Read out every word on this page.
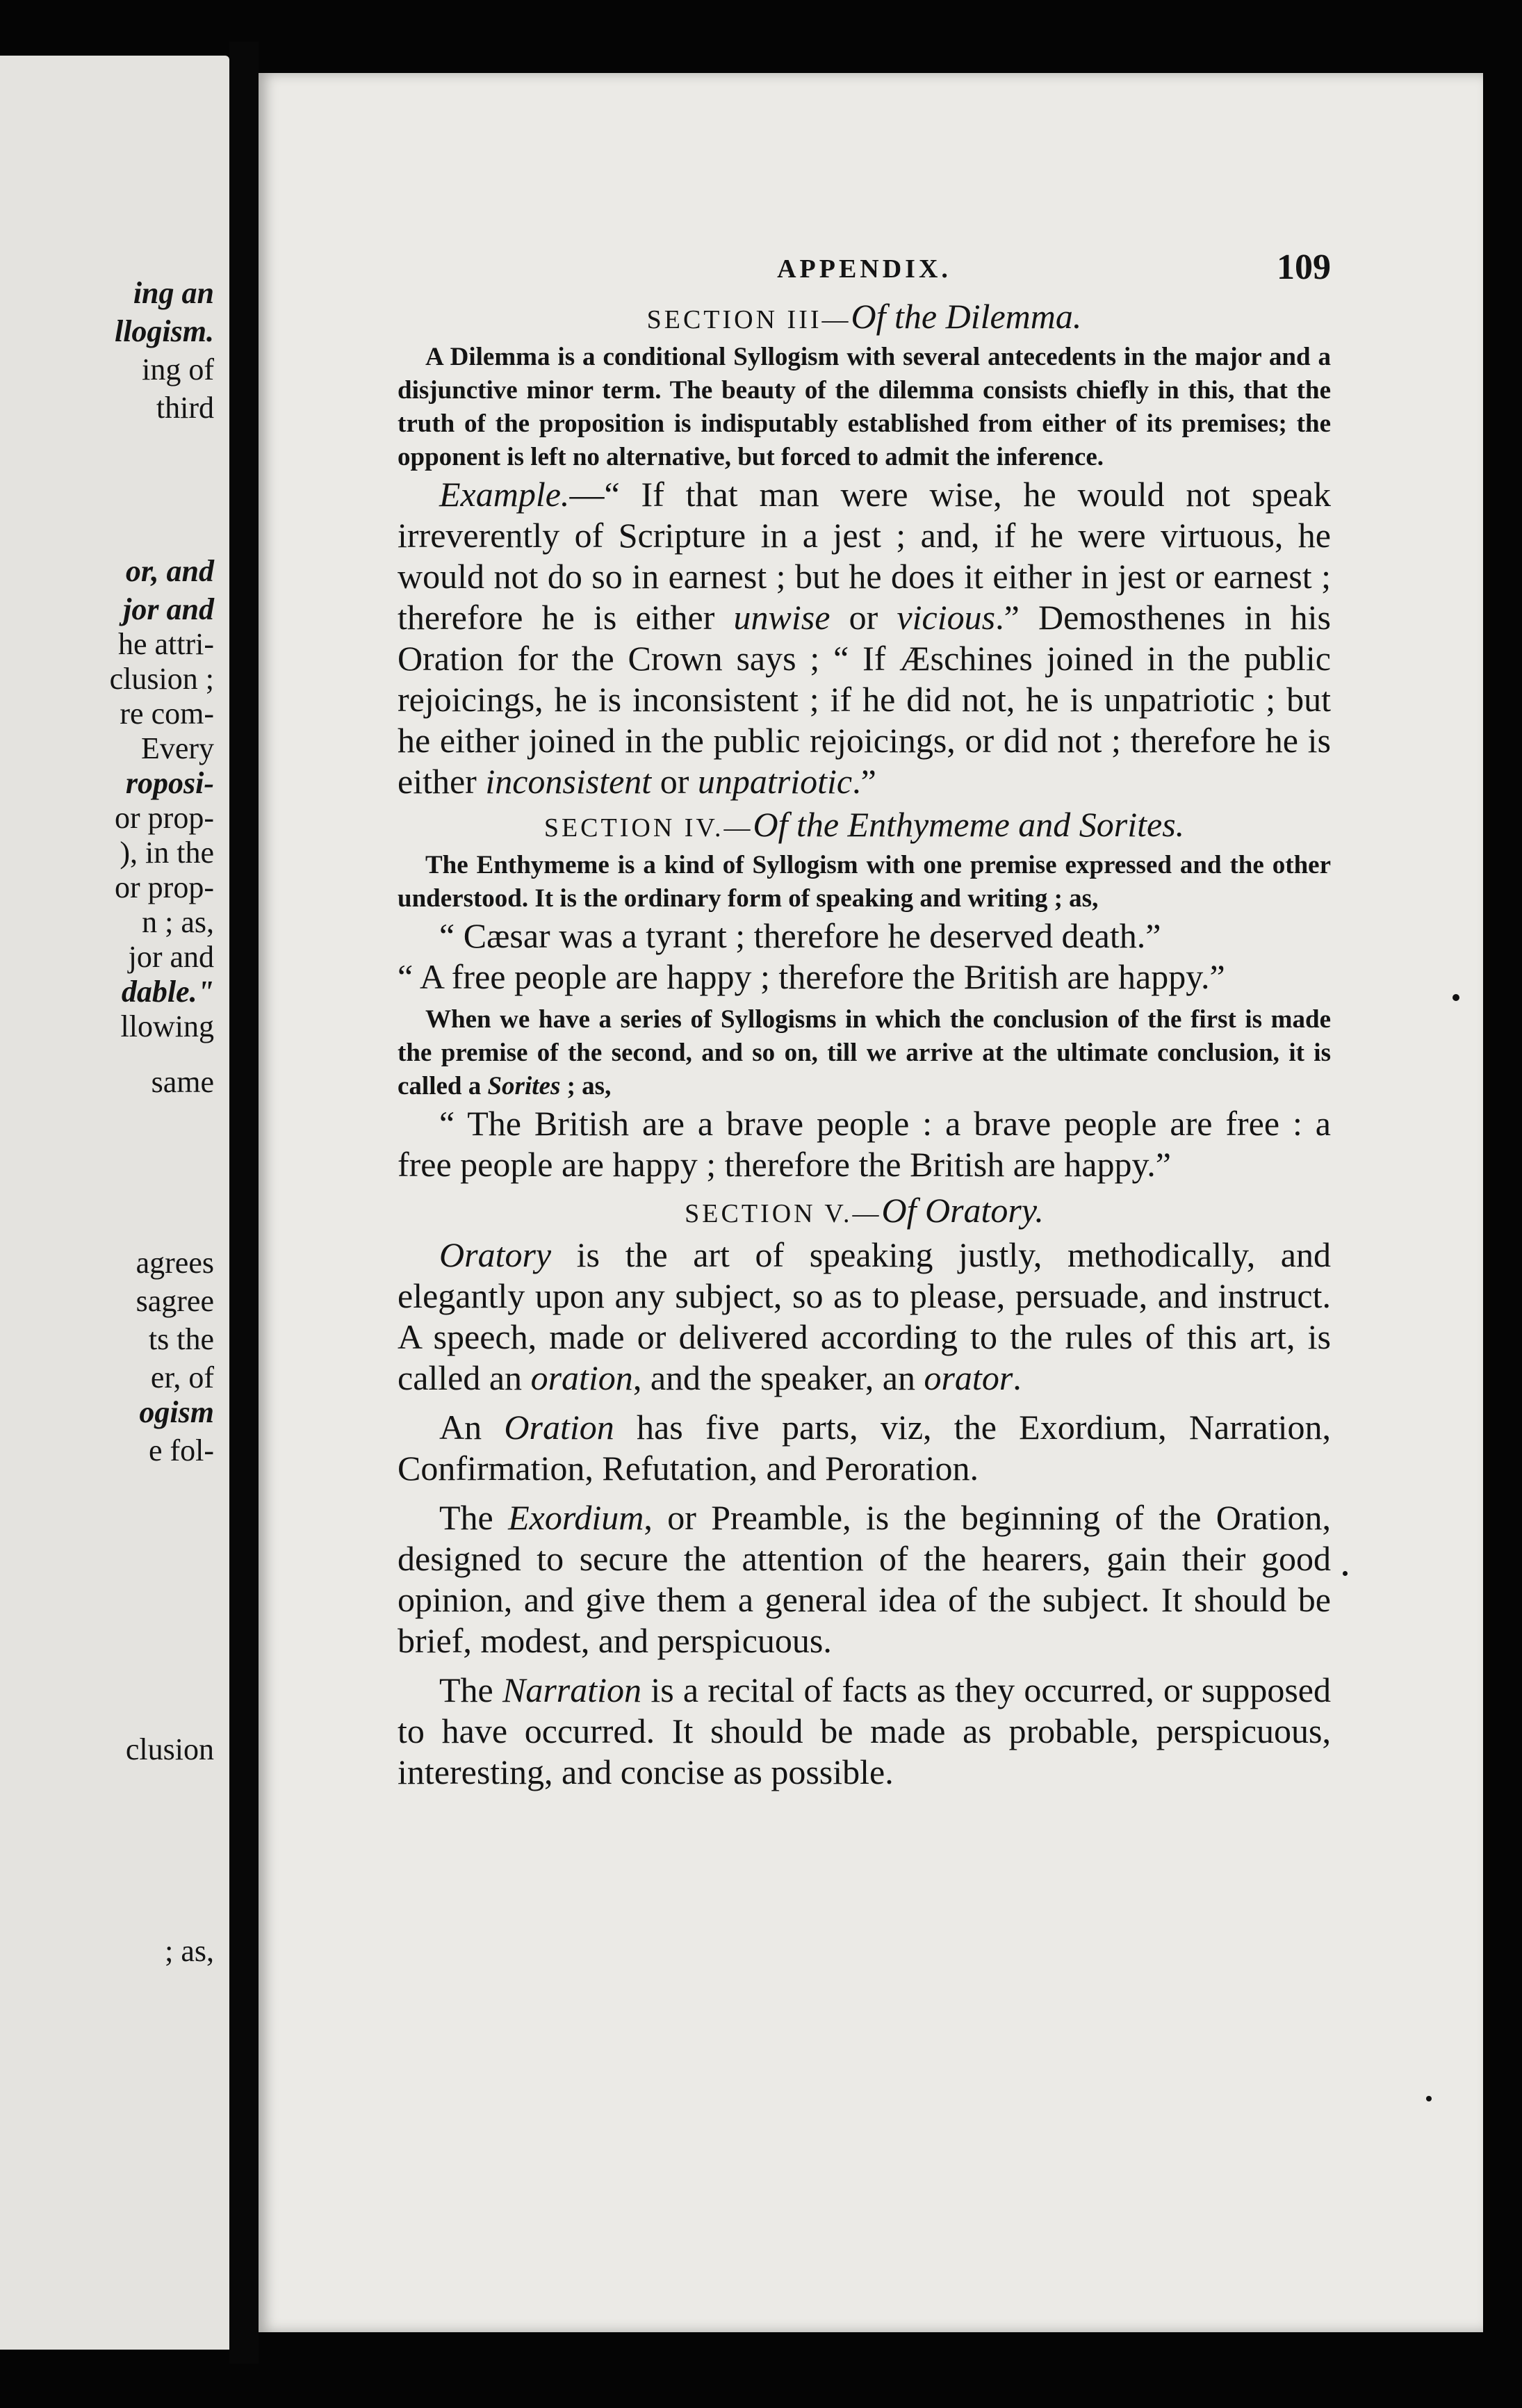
ing an
llogism.
ing of
third
or, and
jor and
he attri-
clusion ;
re com-
Every
roposi-
or prop-
), in the
or prop-
n ; as,
jor and
dable."
llowing
same
agrees
sagree
ts the
er, of
ogism
e fol-
clusion
; as,
APPENDIX.	109

SECTION III—Of the Dilemma.

A Dilemma is a conditional Syllogism with several antecedents in the major and a disjunctive minor term. The beauty of the dilemma consists chiefly in this, that the truth of the proposition is indisputably established from either of its premises; the opponent is left no alternative, but forced to admit the inference.

Example.—“ If that man were wise, he would not speak irreverently of Scripture in a jest ; and, if he were virtuous, he would not do so in earnest ; but he does it either in jest or earnest ; therefore he is either unwise or vicious.” Demosthenes in his Oration for the Crown says ; “ If Æschines joined in the public rejoicings, he is inconsistent ; if he did not, he is unpatriotic ; but he either joined in the public rejoicings, or did not ; therefore he is either inconsistent or unpatriotic.”

SECTION IV.—Of the Enthymeme and Sorites.

The Enthymeme is a kind of Syllogism with one premise expressed and the other understood. It is the ordinary form of speaking and writing ; as,

“ Cæsar was a tyrant ; therefore he deserved death.”

“ A free people are happy ; therefore the British are happy.”

When we have a series of Syllogisms in which the conclusion of the first is made the premise of the second, and so on, till we arrive at the ultimate conclusion, it is called a Sorites ; as,

“ The British are a brave people : a brave people are free : a free people are happy ; therefore the British are happy.”

SECTION V.—Of Oratory.

Oratory is the art of speaking justly, methodically, and elegantly upon any subject, so as to please, persuade, and instruct. A speech, made or delivered according to the rules of this art, is called an oration, and the speaker, an orator.

An Oration has five parts, viz, the Exordium, Narration, Confirmation, Refutation, and Peroration.

The Exordium, or Preamble, is the beginning of the Oration, designed to secure the attention of the hearers, gain their good opinion, and give them a general idea of the subject. It should be brief, modest, and perspicuous.

The Narration is a recital of facts as they occurred, or supposed to have occurred. It should be made as probable, perspicuous, interesting, and concise as possible.
